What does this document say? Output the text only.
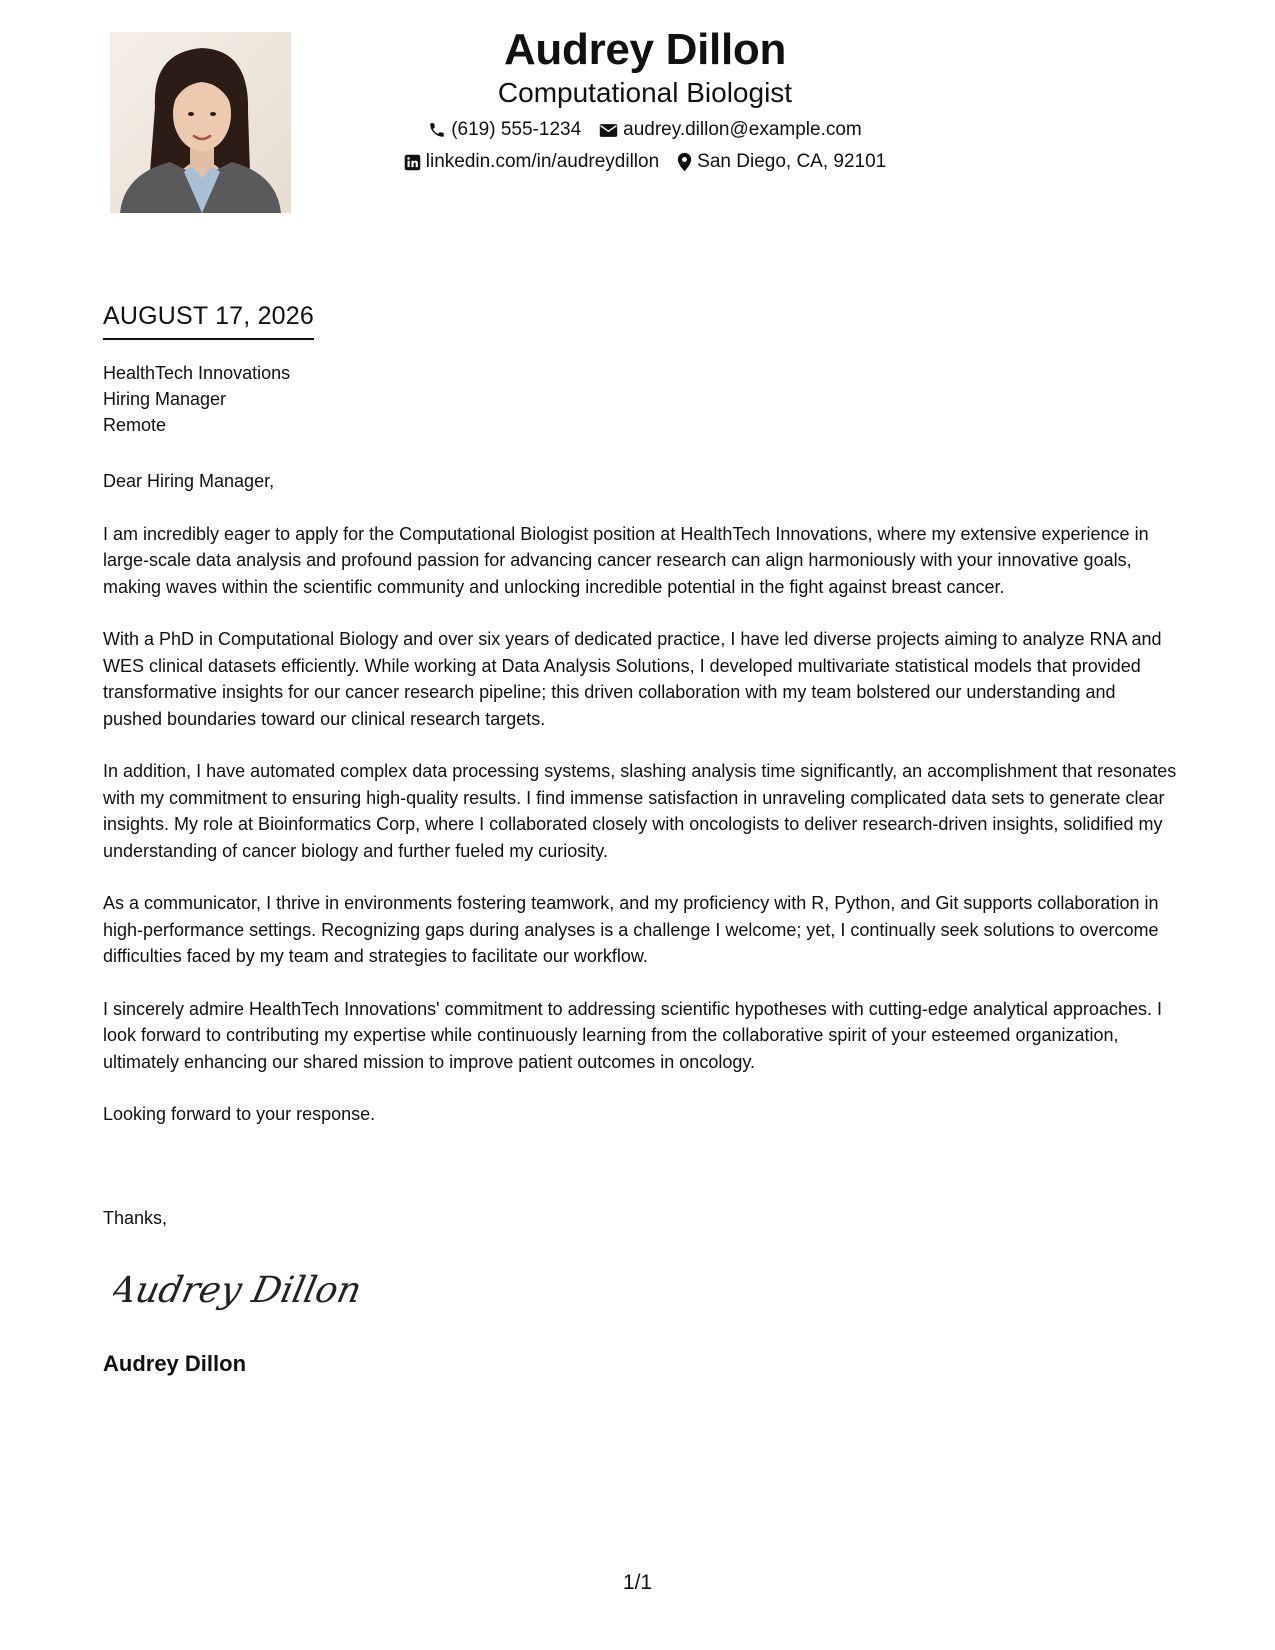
Audrey Dillon
Computational Biologist
(619) 555-1234 audrey.dillon@example.com
linkedin.com/in/audreydillon San Diego, CA, 92101
AUGUST 17, 2026
HealthTech Innovations
Hiring Manager
Remote

Dear Hiring Manager,

I am incredibly eager to apply for the Computational Biologist position at HealthTech Innovations, where my extensive experience in large-scale data analysis and profound passion for advancing cancer research can align harmoniously with your innovative goals, making waves within the scientific community and unlocking incredible potential in the fight against breast cancer.

With a PhD in Computational Biology and over six years of dedicated practice, I have led diverse projects aiming to analyze RNA and WES clinical datasets efficiently. While working at Data Analysis Solutions, I developed multivariate statistical models that provided transformative insights for our cancer research pipeline; this driven collaboration with my team bolstered our understanding and pushed boundaries toward our clinical research targets.

In addition, I have automated complex data processing systems, slashing analysis time significantly, an accomplishment that resonates with my commitment to ensuring high-quality results. I find immense satisfaction in unraveling complicated data sets to generate clear insights. My role at Bioinformatics Corp, where I collaborated closely with oncologists to deliver research-driven insights, solidified my understanding of cancer biology and further fueled my curiosity.

As a communicator, I thrive in environments fostering teamwork, and my proficiency with R, Python, and Git supports collaboration in high-performance settings. Recognizing gaps during analyses is a challenge I welcome; yet, I continually seek solutions to overcome difficulties faced by my team and strategies to facilitate our workflow.

I sincerely admire HealthTech Innovations' commitment to addressing scientific hypotheses with cutting-edge analytical approaches. I look forward to contributing my expertise while continuously learning from the collaborative spirit of your esteemed organization, ultimately enhancing our shared mission to improve patient outcomes in oncology.

Looking forward to your response.

Thanks,
Audrey Dillon
Audrey Dillon
1/1
